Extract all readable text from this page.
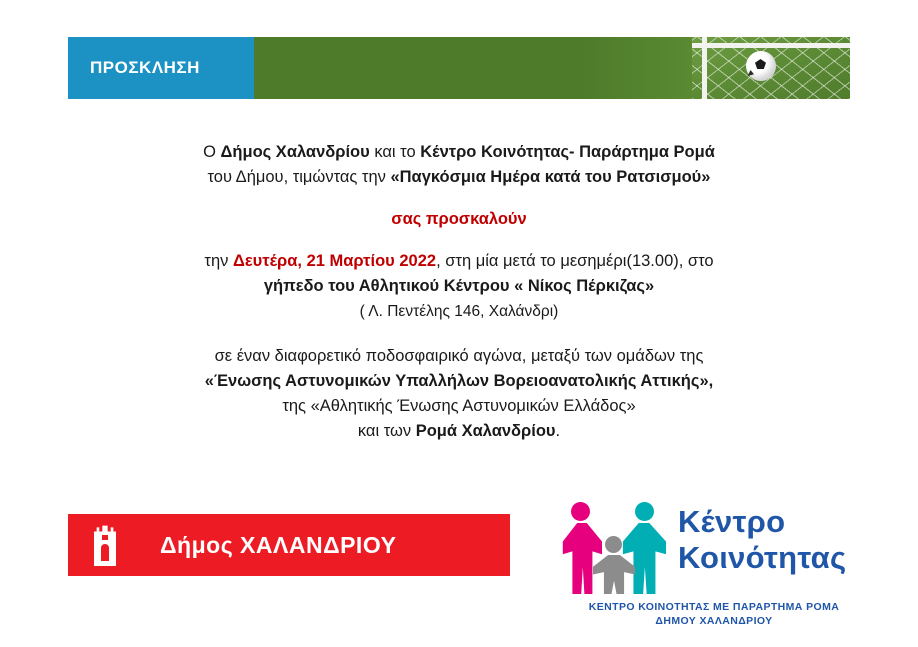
ΠΡΟΣΚΛΗΣΗ

Ο Δήμος Χαλανδρίου και το Κέντρο Κοινότητας- Παράρτημα Ρομά

του Δήμου, τιμώντας την «Παγκόσμια Ημέρα κατά του Ρατσισμού»

σας προσκαλούν

την Δευτέρα, 21 Μαρτίου 2022, στη μία μετά το μεσημέρι(13.00), στο

γήπεδο του Αθλητικού Κέντρου « Νίκος Πέρκιζας»

( Λ. Πεντέλης 146, Χαλάνδρι)

σε έναν διαφορετικό ποδοσφαιρικό αγώνα, μεταξύ των ομάδων της

«Ένωσης Αστυνομικών Υπαλλήλων Βορειοανατολικής Αττικής»,

της «Αθλητικής Ένωσης Αστυνομικών Ελλάδος»

και των Ρομά Χαλανδρίου.

Δήμος ΧΑΛΑΝΔΡΙΟΥ
Κέντρο
Κοινότητας
ΚΕΝΤΡΟ ΚΟΙΝΟΤΗΤΑΣ ΜΕ ΠΑΡΑΡΤΗΜΑ ΡΟΜΑ
ΔΗΜΟΥ ΧΑΛΑΝΔΡΙΟΥ
